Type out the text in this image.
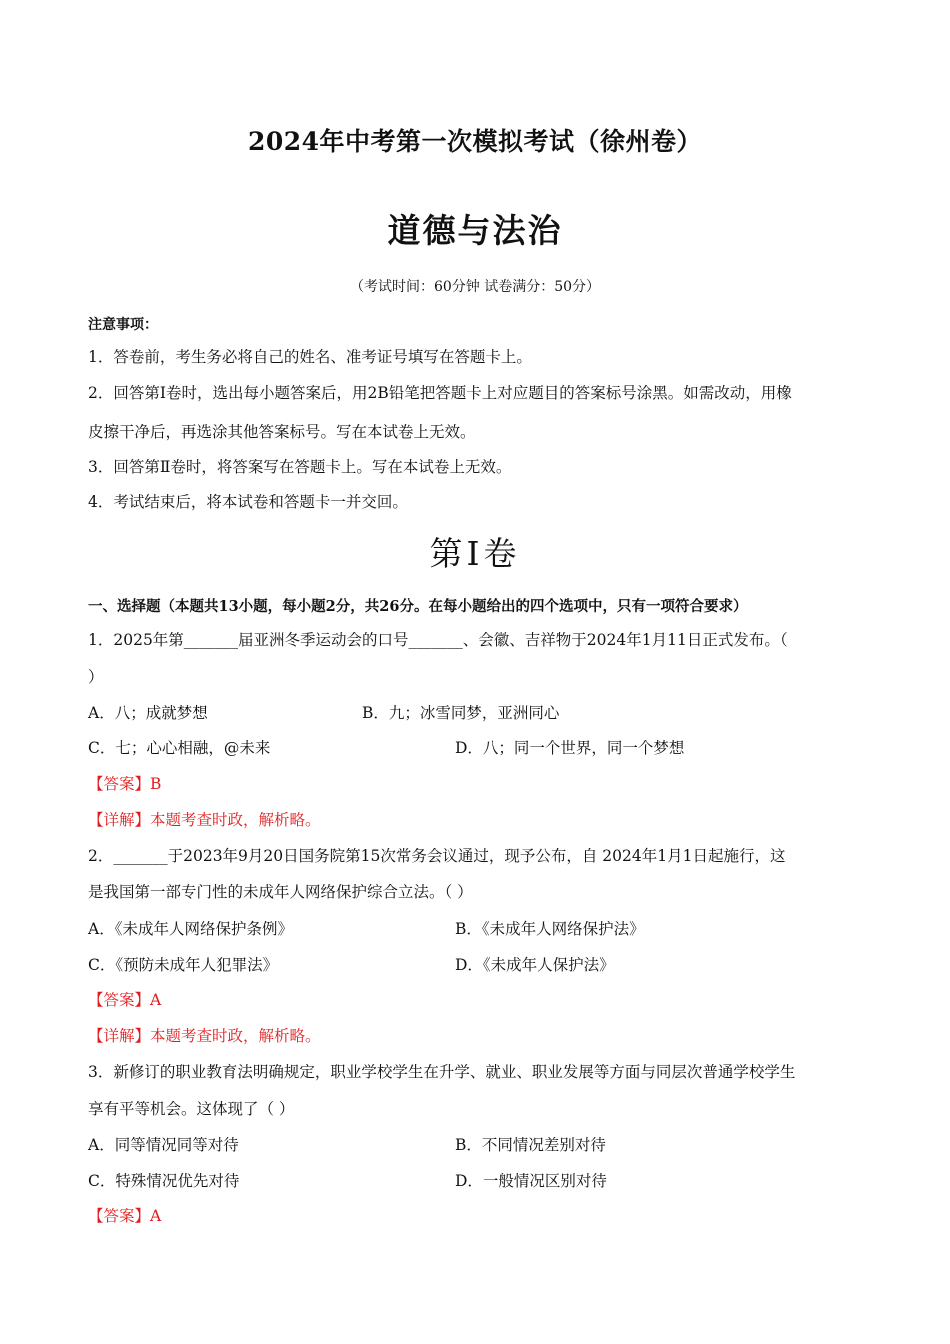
2024年中考第一次模拟考试（徐州卷）
道德与法治
（考试时间：60分钟 试卷满分：50分）
注意事项：
1．答卷前，考生务必将自己的姓名、准考证号填写在答题卡上。
2．回答第Ⅰ卷时，选出每小题答案后，用2B铅笔把答题卡上对应题目的答案标号涂黑。如需改动，用橡
皮擦干净后，再选涂其他答案标号。写在本试卷上无效。
3．回答第Ⅱ卷时，将答案写在答题卡上。写在本试卷上无效。
4．考试结束后，将本试卷和答题卡一并交回。
第Ⅰ卷
一、选择题（本题共13小题，每小题2分，共26分。在每小题给出的四个选项中，只有一项符合要求）
1．2025年第_______届亚洲冬季运动会的口号_______、会徽、吉祥物于2024年1月11日正式发布。（
）
A．八；成就梦想	B．九；冰雪同梦，亚洲同心
C．七；心心相融，@未来	D．八；同一个世界，同一个梦想
【答案】B
【详解】本题考查时政，解析略。
2．_______于2023年9月20日国务院第15次常务会议通过，现予公布，自 2024年1月1日起施行，这
是我国第一部专门性的未成年人网络保护综合立法。（ ）
A．《未成年人网络保护条例》	B．《未成年人网络保护法》
C．《预防未成年人犯罪法》	D．《未成年人保护法》
【答案】A
【详解】本题考查时政，解析略。
3．新修订的职业教育法明确规定，职业学校学生在升学、就业、职业发展等方面与同层次普通学校学生
享有平等机会。这体现了（ ）
A．同等情况同等对待	B．不同情况差别对待
C．特殊情况优先对待	D．一般情况区别对待
【答案】A
